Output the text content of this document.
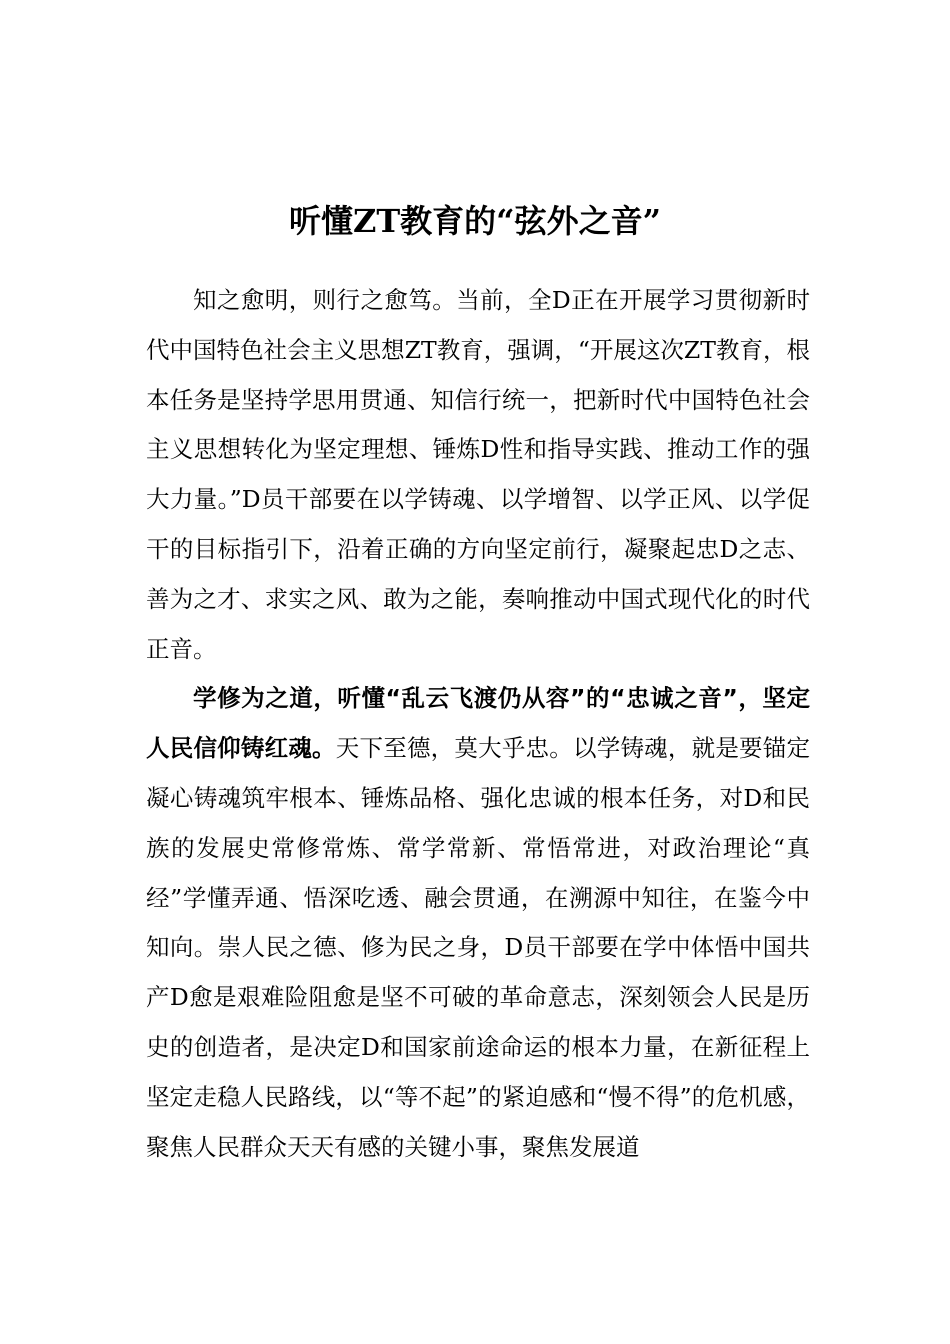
听懂ZT教育的“弦外之音”

知之愈明，则行之愈笃。当前，全D正在开展学习贯彻新时代中国特色社会主义思想ZT教育，强调，“开展这次ZT教育，根本任务是坚持学思用贯通、知信行统一，把新时代中国特色社会主义思想转化为坚定理想、锤炼D性和指导实践、推动工作的强大力量。”D员干部要在以学铸魂、以学增智、以学正风、以学促干的目标指引下，沿着正确的方向坚定前行，凝聚起忠D之志、善为之才、求实之风、敢为之能，奏响推动中国式现代化的时代正音。

学修为之道，听懂“乱云飞渡仍从容”的“忠诚之音”，坚定人民信仰铸红魂。天下至德，莫大乎忠。以学铸魂，就是要锚定凝心铸魂筑牢根本、锤炼品格、强化忠诚的根本任务，对D和民族的发展史常修常炼、常学常新、常悟常进，对政治理论“真经”学懂弄通、悟深吃透、融会贯通，在溯源中知往，在鉴今中知向。崇人民之德、修为民之身，D员干部要在学中体悟中国共产D愈是艰难险阻愈是坚不可破的革命意志，深刻领会人民是历史的创造者，是决定D和国家前途命运的根本力量，在新征程上坚定走稳人民路线，以“等不起”的紧迫感和“慢不得”的危机感，聚焦人民群众天天有感的关键小事，聚焦发展道
